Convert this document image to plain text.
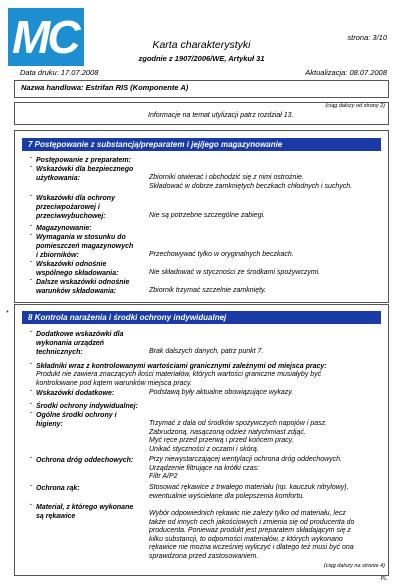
MC	strona: 3/10
Karta charakterystyki
zgodnie z 1907/2006/WE, Artykuł 31
Data druku: 17.07.2008	Aktualizacja: 08.07.2008
Nazwa handlowa: Estrifan RIS (Komponente A)
(ciąg dalszy od strony 2)
Informacje na temat utylizacji patrz rozdział 13.
7 Postępowanie z substancją/preparatem i jej/jego magazynowanie
· Postępowanie z preparatem:
· Wskazówki dla bezpiecznego
użytkowania:	Zbiorniki otwierać i obchodzić się z nimi ostrożnie.
Składować w dobrze zamkniętych beczkach chłodnych i suchych.
· Wskazówki dla ochrony
przeciwpożarowej i
przeciwwybuchowej:	Nie są potrzebne szczególne zabiegi.
· Magazynowanie:
· Wymagania w stosunku do
pomieszczeń magazynowych
i zbiorników:	Przechowywać tylko w oryginalnych beczkach.
· Wskazówki odnośnie
wspólnego składowania:	Nie składować w styczności ze środkami spożywczymi.
· Dalsze wskazówki odnośnie
warunków składowania:	Zbiornik trzymać szczelnie zamknięty.
* 8 Kontrola narażenia i środki ochrony indywidualnej
· Dodatkowe wskazówki dla
wykonania urządzeń
technicznych:	Brak dalszych danych, patrz punkt 7.
· Składniki wraz z kontrolowanymi wartościami granicznymi zależnymi od miejsca pracy:
Produkt nie zawiera znaczących ilości materiałów, których wartości graniczne musiałyby być
kontrolowane pod kątem warunków miejsca pracy.
· Wskazówki dodatkowe:	Podstawą były aktualne obowiązujące wykazy.
· Środki ochrony indywidualnej:
· Ogólne środki ochrony i
higieny:	Trzymać z dala od środków spożywczych napojów i pasz.
Zabrudzoną, nasączoną odzież natychmiast zdjąć.
Myć ręce przed przerwą i przed końcem pracy.
Unikać styczności z oczami i skórą.
· Ochrona dróg oddechowych: Przy niewystarczającej wentylacji ochrona dróg oddechowych.
Urządzenie filtrujące na krótki czas:
Filtr A/P2
· Ochrona rąk:	Stosować rękawice z trwałego materiału (np. kauczuk nitrylowy),
ewentualnie wyściełane dla polepszenia komfortu.
· Materiał, z którego wykonane
są rękawice	Wybór odpowiednich rękawic nie zależy tylko od materiału, lecz
także od innych cech jakościowych i zmienia się od producenta do
producenta. Ponieważ produkt jest preparatem składającym się z
kilku substancji, to odporności materiałów, z których wykonano
rękawice nie można wcześniej wyliczyć i dlatego też musi być ona
sprawdzona przed zastosowaniem.
(ciąg dalszy na stronie 4)
PL
